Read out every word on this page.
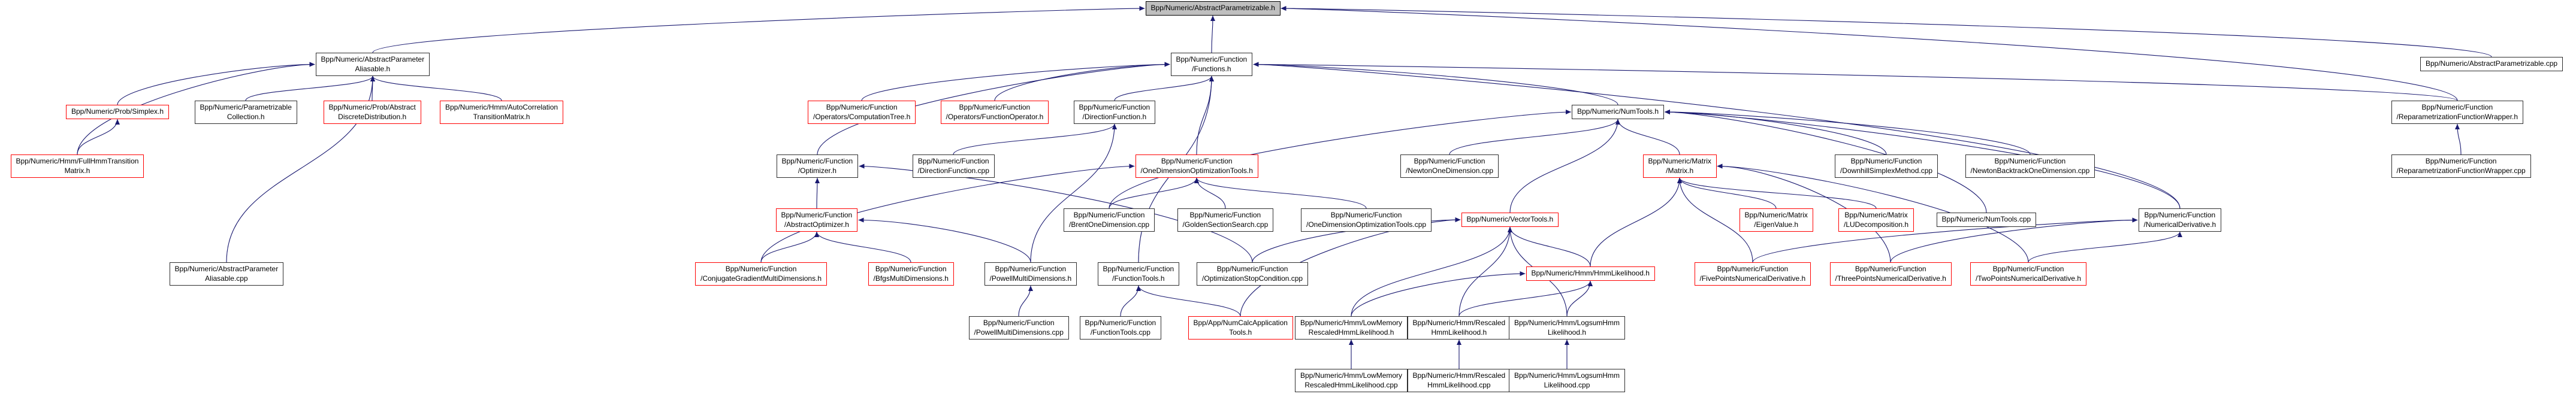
Bpp/Numeric/AbstractParametrizable.h
Bpp/Numeric/AbstractParameter
Aliasable.h
Bpp/Numeric/Function
/Functions.h
Bpp/Numeric/AbstractParametrizable.cpp
Bpp/Numeric/Function
/ReparametrizationFunctionWrapper.h
Bpp/Numeric/Function
/ReparametrizationFunctionWrapper.cpp
Bpp/Numeric/Prob/Simplex.h	Bpp/Numeric/Parametrizable
Collection.h
Bpp/Numeric/Prob/Abstract
DiscreteDistribution.h
Bpp/Numeric/Hmm/AutoCorrelation
TransitionMatrix.h
Bpp/Numeric/Hmm/FullHmmTransition
Matrix.h
Bpp/Numeric/Function
/Operators/ComputationTree.h
Bpp/Numeric/Function
/Operators/FunctionOperator.h
Bpp/Numeric/Function
/DirectionFunction.h
Bpp/Numeric/NumTools.h
Bpp/Numeric/Function
/Optimizer.h
Bpp/Numeric/Function
/DirectionFunction.cpp
Bpp/Numeric/Function
/OneDimensionOptimizationTools.h
Bpp/Numeric/Function
/NewtonOneDimension.cpp
Bpp/Numeric/Matrix
/Matrix.h
Bpp/Numeric/Function
/DownhillSimplexMethod.cpp
Bpp/Numeric/Function
/NewtonBacktrackOneDimension.cpp
Bpp/Numeric/Function
/AbstractOptimizer.h
Bpp/Numeric/Function
/BrentOneDimension.cpp
Bpp/Numeric/Function
/GoldenSectionSearch.cpp
Bpp/Numeric/Function
/OneDimensionOptimizationTools.cpp
Bpp/Numeric/VectorTools.h	Bpp/Numeric/Matrix
/EigenValue.h
Bpp/Numeric/Matrix
/LUDecomposition.h
Bpp/Numeric/NumTools.cpp	Bpp/Numeric/Function
/NumericalDerivative.h
Bpp/Numeric/AbstractParameter
Aliasable.cpp
Bpp/Numeric/Function
/ConjugateGradientMultiDimensions.h
Bpp/Numeric/Function
/BfgsMultiDimensions.h
Bpp/Numeric/Function
/PowellMultiDimensions.h
Bpp/Numeric/Function
/FunctionTools.h
Bpp/Numeric/Function
/OptimizationStopCondition.cpp
Bpp/Numeric/Hmm/HmmLikelihood.h	Bpp/Numeric/Function
/FivePointsNumericalDerivative.h
Bpp/Numeric/Function
/ThreePointsNumericalDerivative.h
Bpp/Numeric/Function
/TwoPointsNumericalDerivative.h
Bpp/Numeric/Function
/PowellMultiDimensions.cpp
Bpp/Numeric/Function
/FunctionTools.cpp
Bpp/App/NumCalcApplication
Tools.h
Bpp/Numeric/Hmm/LowMemory
RescaledHmmLikelihood.h
Bpp/Numeric/Hmm/Rescaled
HmmLikelihood.h
Bpp/Numeric/Hmm/LogsumHmm
Likelihood.h
Bpp/Numeric/Hmm/LowMemory
RescaledHmmLikelihood.cpp
Bpp/Numeric/Hmm/Rescaled
HmmLikelihood.cpp
Bpp/Numeric/Hmm/LogsumHmm
Likelihood.cpp
